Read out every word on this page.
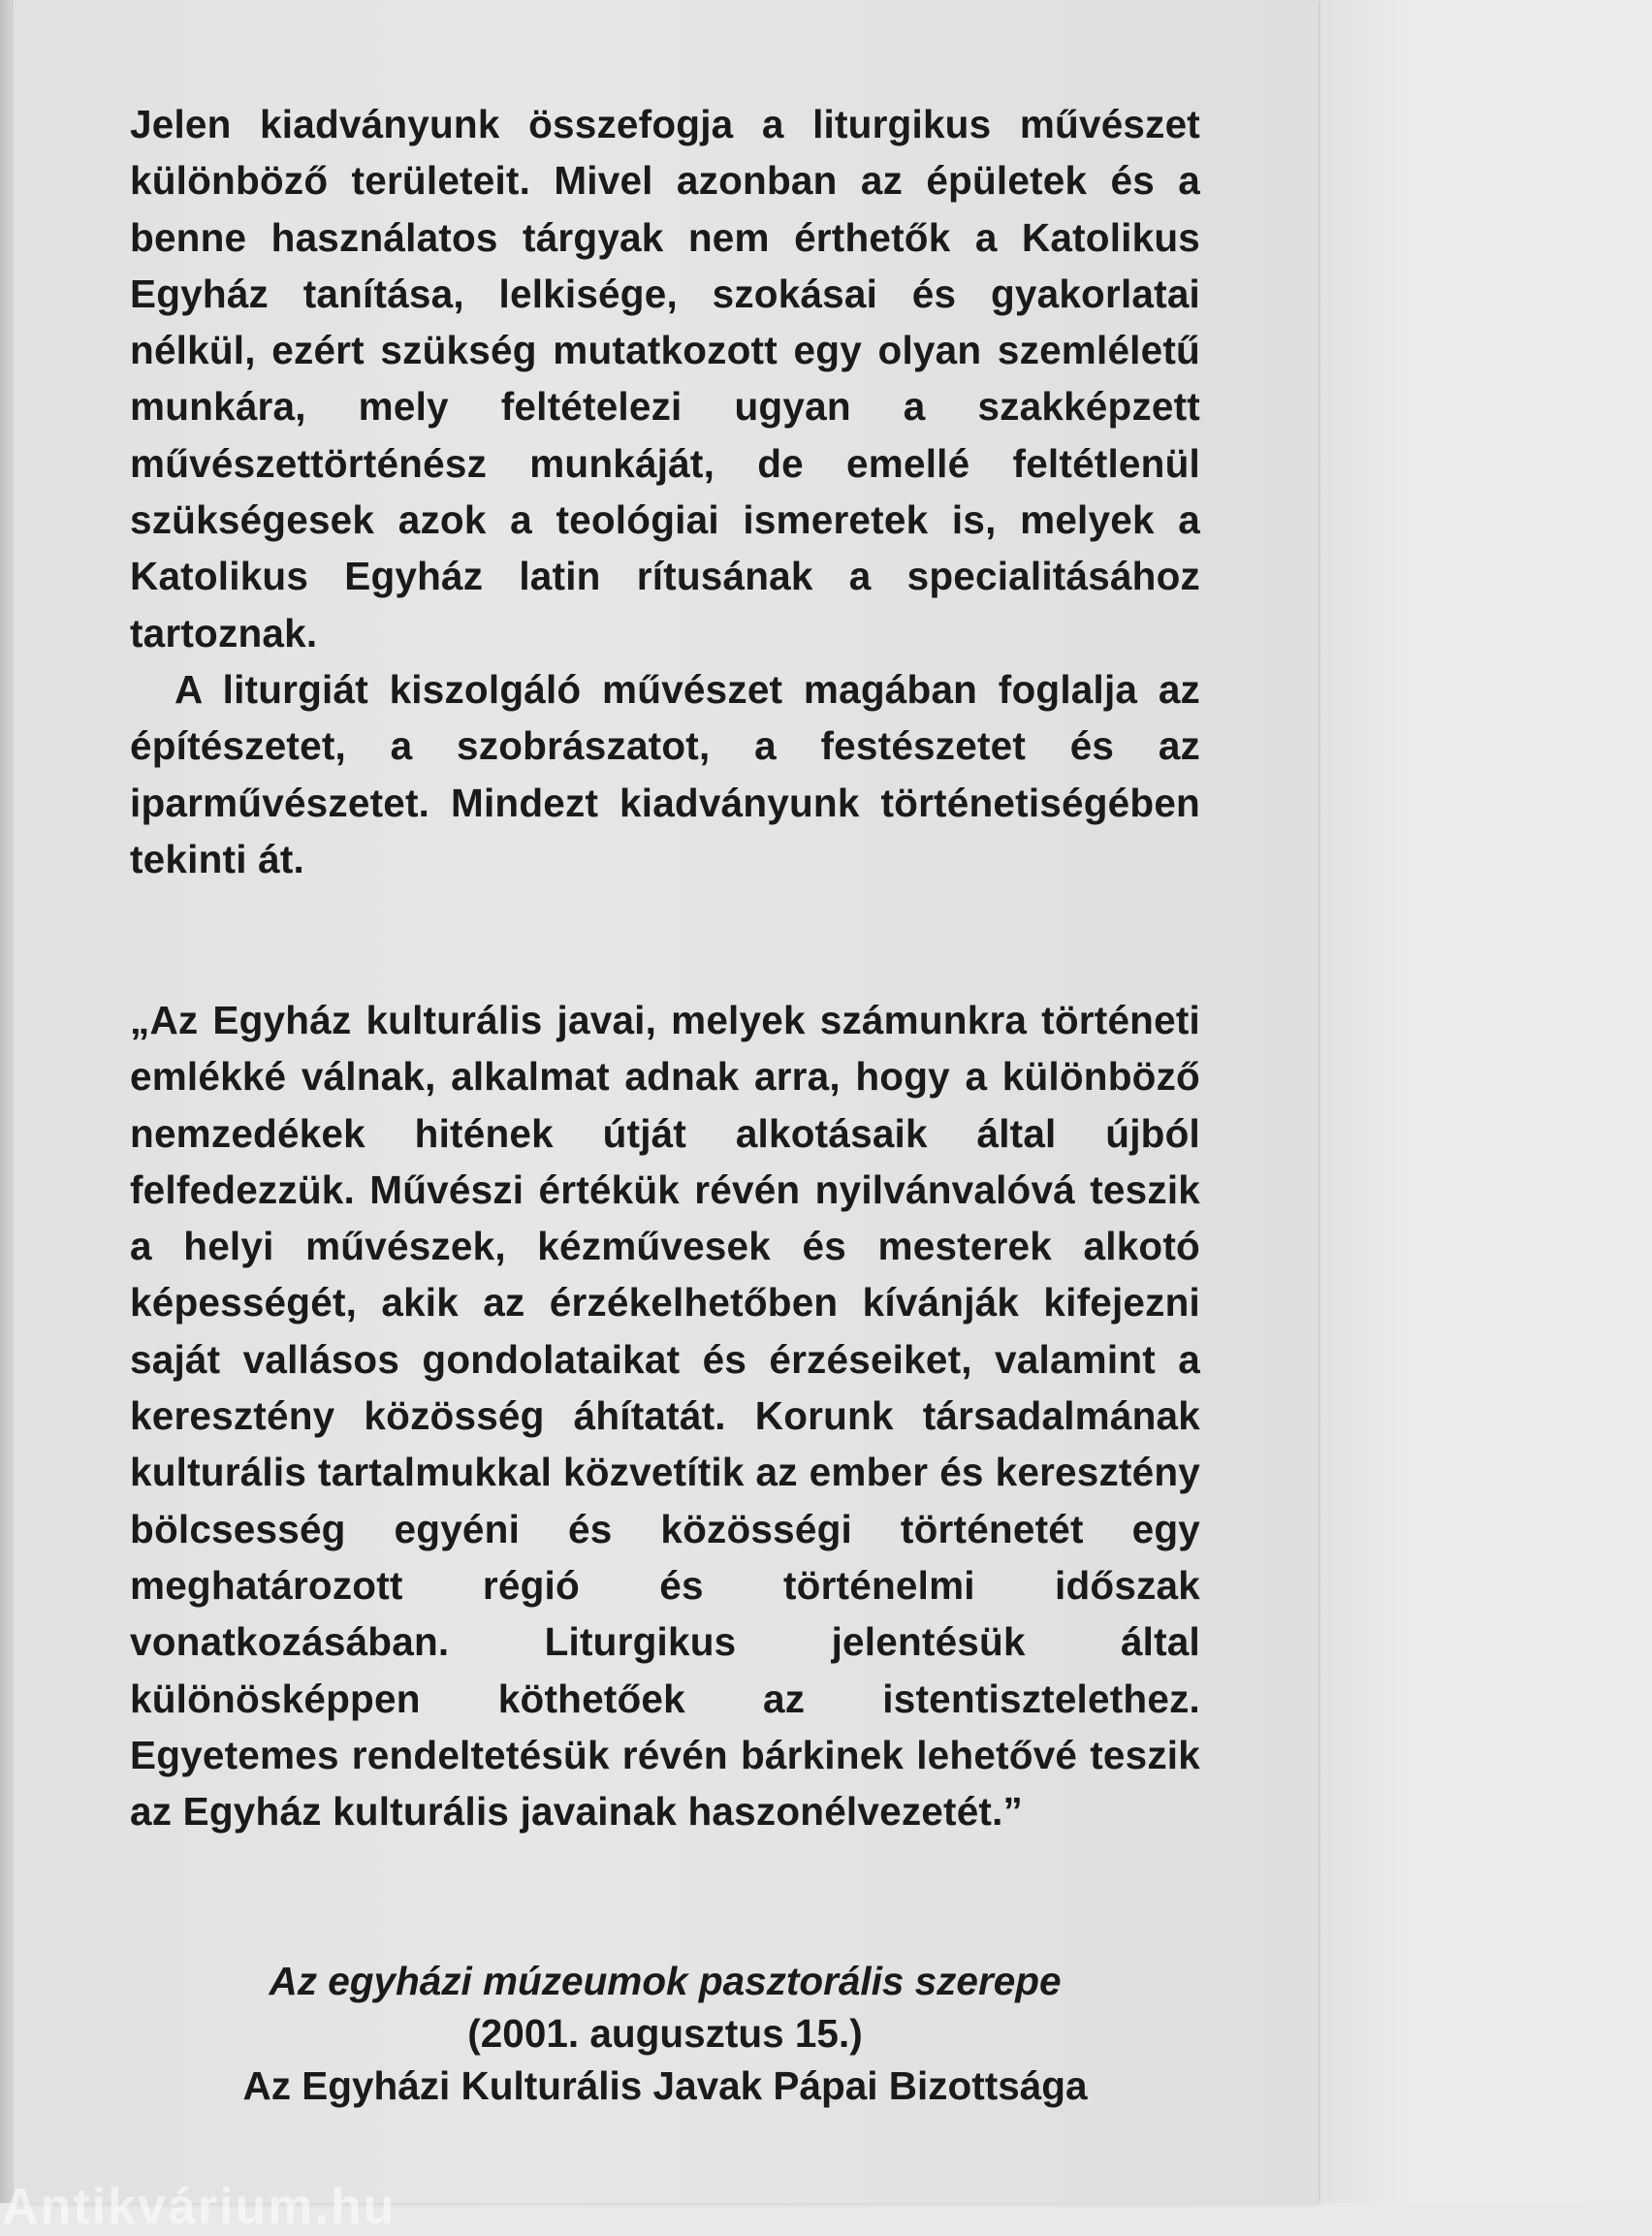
Jelen kiadványunk összefogja a liturgikus művészet különböző területeit. Mivel azonban az épületek és a benne használatos tárgyak nem érthetők a Katolikus Egyház tanítása, lelkisége, szokásai és gyakorlatai nélkül, ezért szükség mutatkozott egy olyan szemléletű munkára, mely feltételezi ugyan a szakképzett művészettörténész munkáját, de emellé feltétlenül szükségesek azok a teológiai ismeretek is, melyek a Katolikus Egyház latin rítusának a specialitásához tartoznak.

A liturgiát kiszolgáló művészet magában foglalja az építészetet, a szobrászatot, a festészetet és az iparművészetet. Mindezt kiadványunk történetiségében tekinti át.

„Az Egyház kulturális javai, melyek számunkra történeti emlékké válnak, alkalmat adnak arra, hogy a különböző nemzedékek hitének útját alkotásaik által újból felfedezzük. Művészi értékük révén nyilvánvalóvá teszik a helyi művészek, kézművesek és mesterek alkotó képességét, akik az érzékelhetőben kívánják kifejezni saját vallásos gondolataikat és érzéseiket, valamint a keresztény közösség áhítatát. Korunk társadalmának kulturális tartalmukkal közvetítik az ember és keresztény bölcsesség egyéni és közösségi történetét egy meghatározott régió és történelmi időszak vonatkozásában. Liturgikus jelentésük által különösképpen köthetőek az istentisztelethez. Egyetemes rendeltetésük révén bárkinek lehetővé teszik az Egyház kulturális javainak haszonélvezetét.”

Az egyházi múzeumok pasztorális szerepe
(2001. augusztus 15.)
Az Egyházi Kulturális Javak Pápai Bizottsága
Antikvárium.hu
